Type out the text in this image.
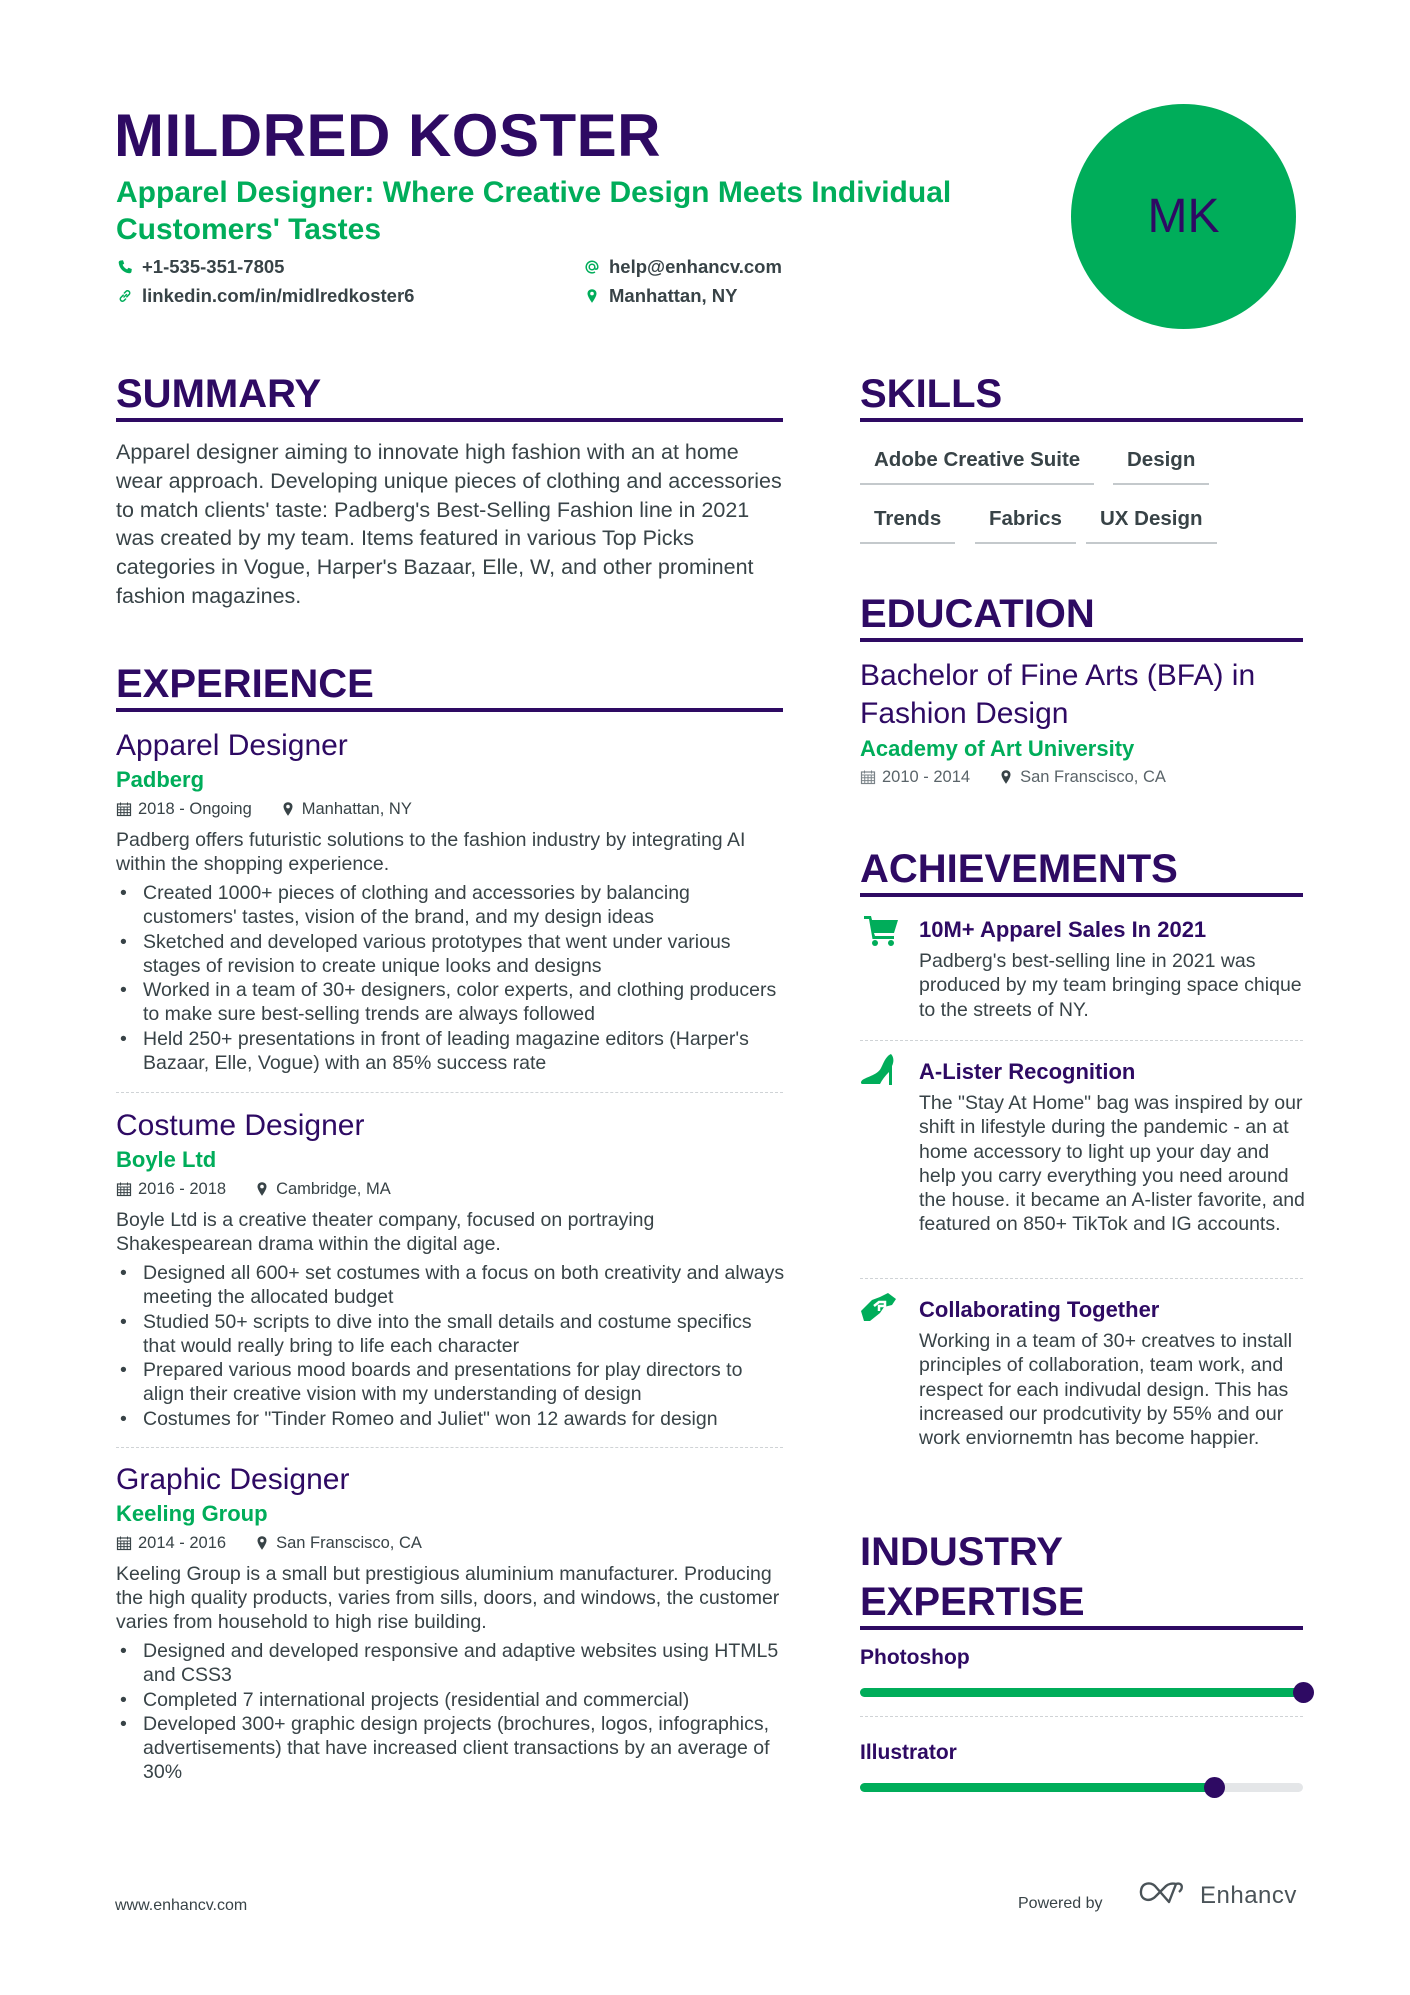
MILDRED KOSTER
Apparel Designer: Where Creative Design Meets Individual Customers' Tastes
+1-535-351-7805	help@enhancv.com
linkedin.com/in/midlredkoster6	Manhattan, NY
MK
SUMMARY
Apparel designer aiming to innovate high fashion with an at home wear approach. Developing unique pieces of clothing and accessories to match clients' taste: Padberg's Best-Selling Fashion line in 2021 was created by my team. Items featured in various Top Picks categories in Vogue, Harper's Bazaar, Elle, W, and other prominent fashion magazines.
EXPERIENCE
Apparel Designer
Padberg
2018 - Ongoing	Manhattan, NY
Padberg offers futuristic solutions to the fashion industry by integrating AI within the shopping experience.
• Created 1000+ pieces of clothing and accessories by balancing customers' tastes, vision of the brand, and my design ideas
• Sketched and developed various prototypes that went under various stages of revision to create unique looks and designs
• Worked in a team of 30+ designers, color experts, and clothing producers to make sure best-selling trends are always followed
• Held 250+ presentations in front of leading magazine editors (Harper's Bazaar, Elle, Vogue) with an 85% success rate
Costume Designer
Boyle Ltd
2016 - 2018	Cambridge, MA
Boyle Ltd is a creative theater company, focused on portraying Shakespearean drama within the digital age.
• Designed all 600+ set costumes with a focus on both creativity and always meeting the allocated budget
• Studied 50+ scripts to dive into the small details and costume specifics that would really bring to life each character
• Prepared various mood boards and presentations for play directors to align their creative vision with my understanding of design
• Costumes for "Tinder Romeo and Juliet" won 12 awards for design
Graphic Designer
Keeling Group
2014 - 2016	San Franscisco, CA
Keeling Group is a small but prestigious aluminium manufacturer. Producing the high quality products, varies from sills, doors, and windows, the customer varies from household to high rise building.
• Designed and developed responsive and adaptive websites using HTML5 and CSS3
• Completed 7 international projects (residential and commercial)
• Developed 300+ graphic design projects (brochures, logos, infographics, advertisements) that have increased client transactions by an average of 30%
SKILLS
Adobe Creative Suite	Design
Trends	Fabrics	UX Design
EDUCATION
Bachelor of Fine Arts (BFA) in Fashion Design
Academy of Art University
2010 - 2014	San Franscisco, CA
ACHIEVEMENTS
10M+ Apparel Sales In 2021
Padberg's best-selling line in 2021 was produced by my team bringing space chique to the streets of NY.
A-Lister Recognition
The "Stay At Home" bag was inspired by our shift in lifestyle during the pandemic - an at home accessory to light up your day and help you carry everything you need around the house. it became an A-lister favorite, and featured on 850+ TikTok and IG accounts.
Collaborating Together
Working in a team of 30+ creatves to install principles of collaboration, team work, and respect for each indivudal design. This has increased our prodcutivity by 55% and our work enviornemtn has become happier.
INDUSTRY
EXPERTISE
Photoshop
Illustrator
www.enhancv.com	Powered by	Enhancv
